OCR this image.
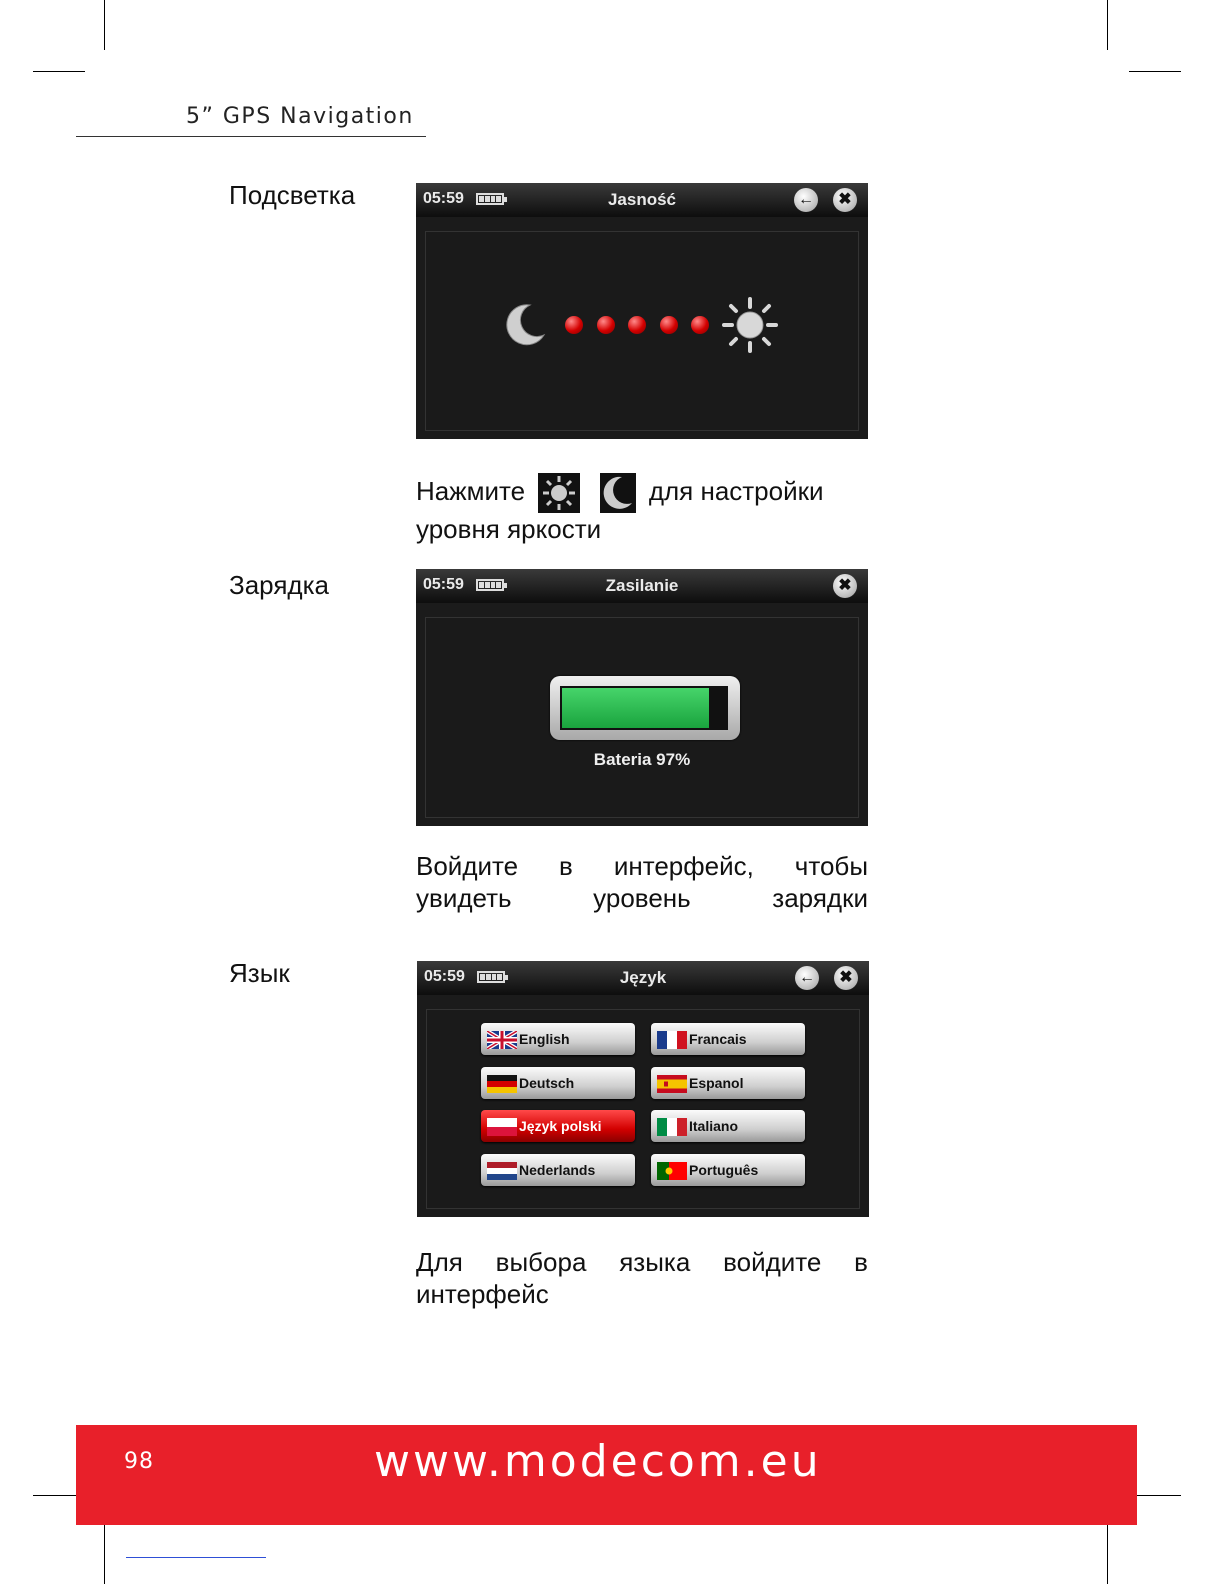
5” GPS Navigation
Подсветка	05:59	Jasność	←	✖
Нажмите	для настройки
уровня яркости
Зарядка	05:59	Zasilanie	✖
Bateria 97%
Войдите в интерфейс, чтобы
увидеть уровень зарядки
Язык	05:59	Język	←	✖
English	Francais
Deutsch	Espanol
Język polski	Italiano
Nederlands	Português
Для выбора языка войдите в
интерфейс
98	www.modecom.eu
